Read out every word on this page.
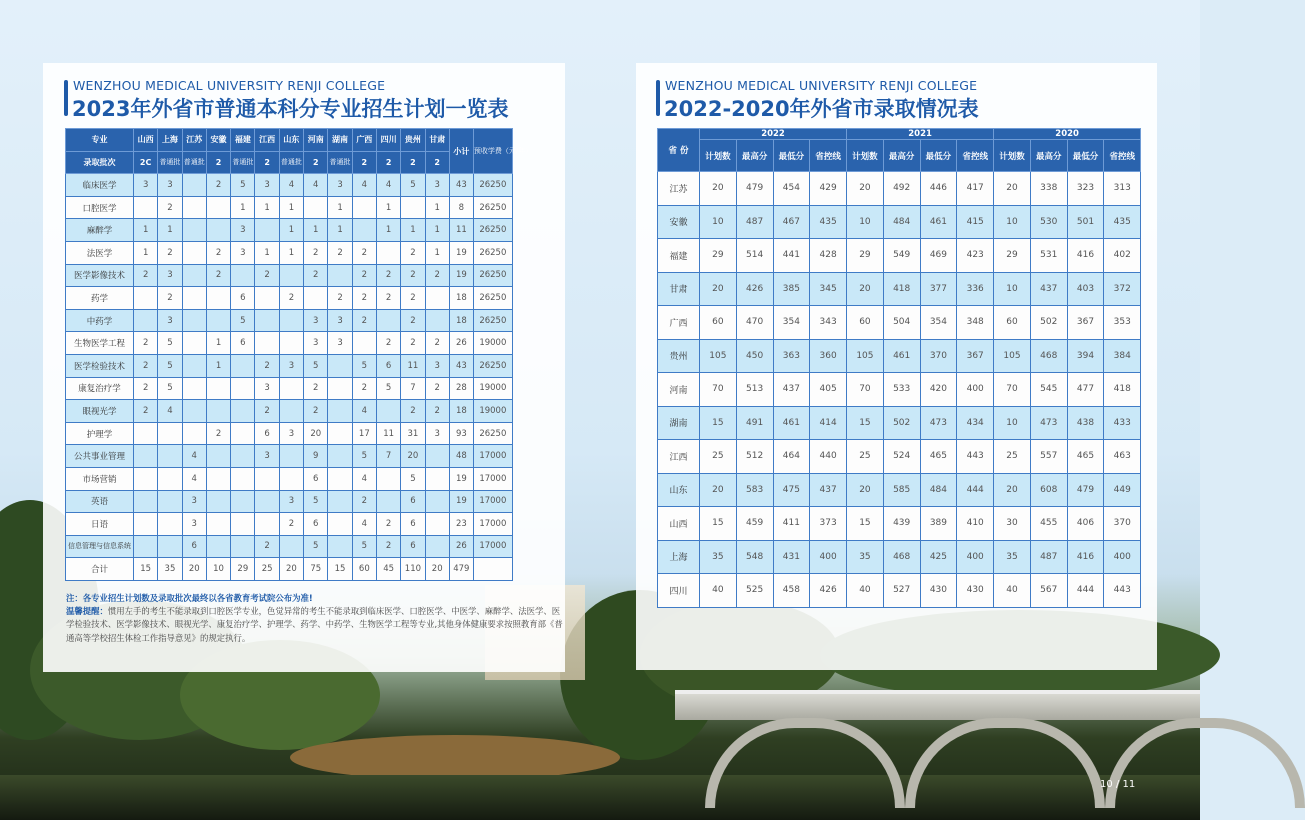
WENZHOU MEDICAL UNIVERSITY RENJI COLLEGE
2023年外省市普通本科分专业招生计划一览表
WENZHOU MEDICAL UNIVERSITY RENJI COLLEGE
2022-2020年外省市录取情况表
专业	山西	上海	江苏	安徽	福建	江西	山东	河南	湖南	广西	四川	贵州	甘肃	小计	预收学费（元/年）
录取批次	2C	普通批	普通批	2	普通批	2	普通批	2	普通批	2	2	2	2		
临床医学	3	3		2	5	3	4	4	3	4	4	5	3	43	26250
口腔医学		2			1	1	1		1		1		1	8	26250
麻醉学	1	1			3		1	1	1		1	1	1	11	26250
法医学	1	2		2	3	1	1	2	2	2		2	1	19	26250
医学影像技术	2	3		2		2		2		2	2	2	2	19	26250
药学		2			6		2		2	2	2	2		18	26250
中药学		3			5			3	3	2		2		18	26250
生物医学工程	2	5		1	6			3	3		2	2	2	26	19000
医学检验技术	2	5		1		2	3	5		5	6	11	3	43	26250
康复治疗学	2	5				3		2		2	5	7	2	28	19000
眼视光学	2	4				2		2		4		2	2	18	19000
护理学				2		6	3	20		17	11	31	3	93	26250
公共事业管理			4			3		9		5	7	20		48	17000
市场营销			4					6		4		5		19	17000
英语			3				3	5		2		6		19	17000
日语			3				2	6		4	2	6		23	17000
信息管理与信息系统			6			2		5		5	2	6		26	17000
合计	15	35	20	10	29	25	20	75	15	60	45	110	20	479	
省 份	2022				2021				2020			
	计划数	最高分	最低分	省控线	计划数	最高分	最低分	省控线	计划数	最高分	最低分	省控线
江苏	20	479	454	429	20	492	446	417	20	338	323	313
安徽	10	487	467	435	10	484	461	415	10	530	501	435
福建	29	514	441	428	29	549	469	423	29	531	416	402
甘肃	20	426	385	345	20	418	377	336	10	437	403	372
广西	60	470	354	343	60	504	354	348	60	502	367	353
贵州	105	450	363	360	105	461	370	367	105	468	394	384
河南	70	513	437	405	70	533	420	400	70	545	477	418
湖南	15	491	461	414	15	502	473	434	10	473	438	433
江西	25	512	464	440	25	524	465	443	25	557	465	463
山东	20	583	475	437	20	585	484	444	20	608	479	449
山西	15	459	411	373	15	439	389	410	30	455	406	370
上海	35	548	431	400	35	468	425	400	35	487	416	400
四川	40	525	458	426	40	527	430	430	40	567	444	443
注：各专业招生计划数及录取批次最终以各省教育考试院公布为准!
温馨提醒：惯用左手的考生不能录取到口腔医学专业，色觉异常的考生不能录取到临床医学、口腔医学、中医学、麻醉学、法医学、医学检验技术、医学影像技术、眼视光学、康复治疗学、护理学、药学、中药学、生物医学工程等专业,其他身体健康要求按照教育部《普通高等学校招生体检工作指导意见》的规定执行。
10 / 11
